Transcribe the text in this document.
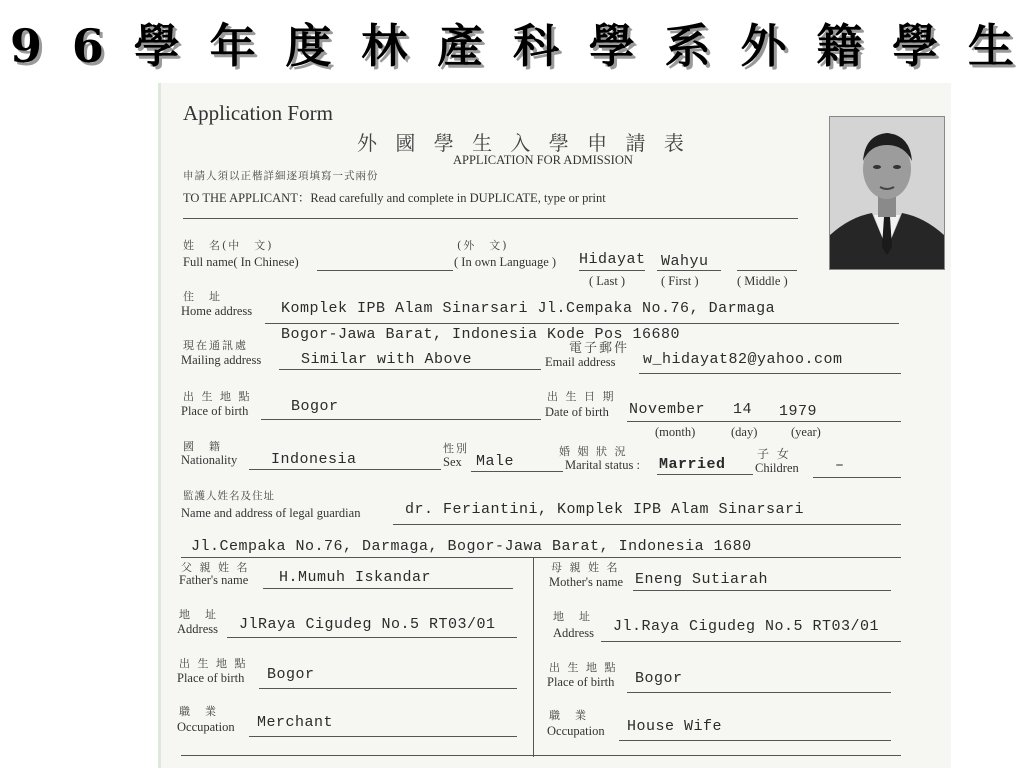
9 6 學 年 度 林 產 科 學 系 外 籍 學 生
Application Form
外 國 學 生 入 學 申 請 表
APPLICATION FOR ADMISSION
申請人須以正楷詳細逐項填寫一式兩份
TO THE APPLICANT：Read carefully and complete in DUPLICATE, type or print
姓　名(中　文)
Full name( In Chinese)
(外　文)
( In own Language ) Hidayat Wahyu
( Last )	( First )	( Middle )
住　址
Home address Komplek IPB Alam Sinarsari Jl.Cempaka No.76, Darmaga
Bogor-Jawa Barat, Indonesia Kode Pos 16680
現在通訊處
Mailing address	Similar with Above
電子郵件
Email address w_hidayat82@yahoo.com
出 生 地 點
Place of birth	Bogor
出 生 日 期
Date of birth November 14 1979
(month)	(day)	(year)
國　籍
Nationality Indonesia
性別
Sex Male
婚 姻 狀 況
Marital status : Married
子 女
Children –
監護人姓名及住址
Name and address of legal guardian	dr. Feriantini, Komplek IPB Alam Sinarsari
Jl.Cempaka No.76, Darmaga, Bogor-Jawa Barat, Indonesia 1680
父 親 姓 名
Father's name H.Mumuh Iskandar
地　址
Address JlRaya Cigudeg No.5 RT03/01
出 生 地 點
Place of birth Bogor
職　業
Occupation Merchant
母 親 姓 名
Mother's name Eneng Sutiarah
地　址
Address Jl.Raya Cigudeg No.5 RT03/01
出 生 地 點
Place of birth Bogor
職　業
Occupation House Wife
